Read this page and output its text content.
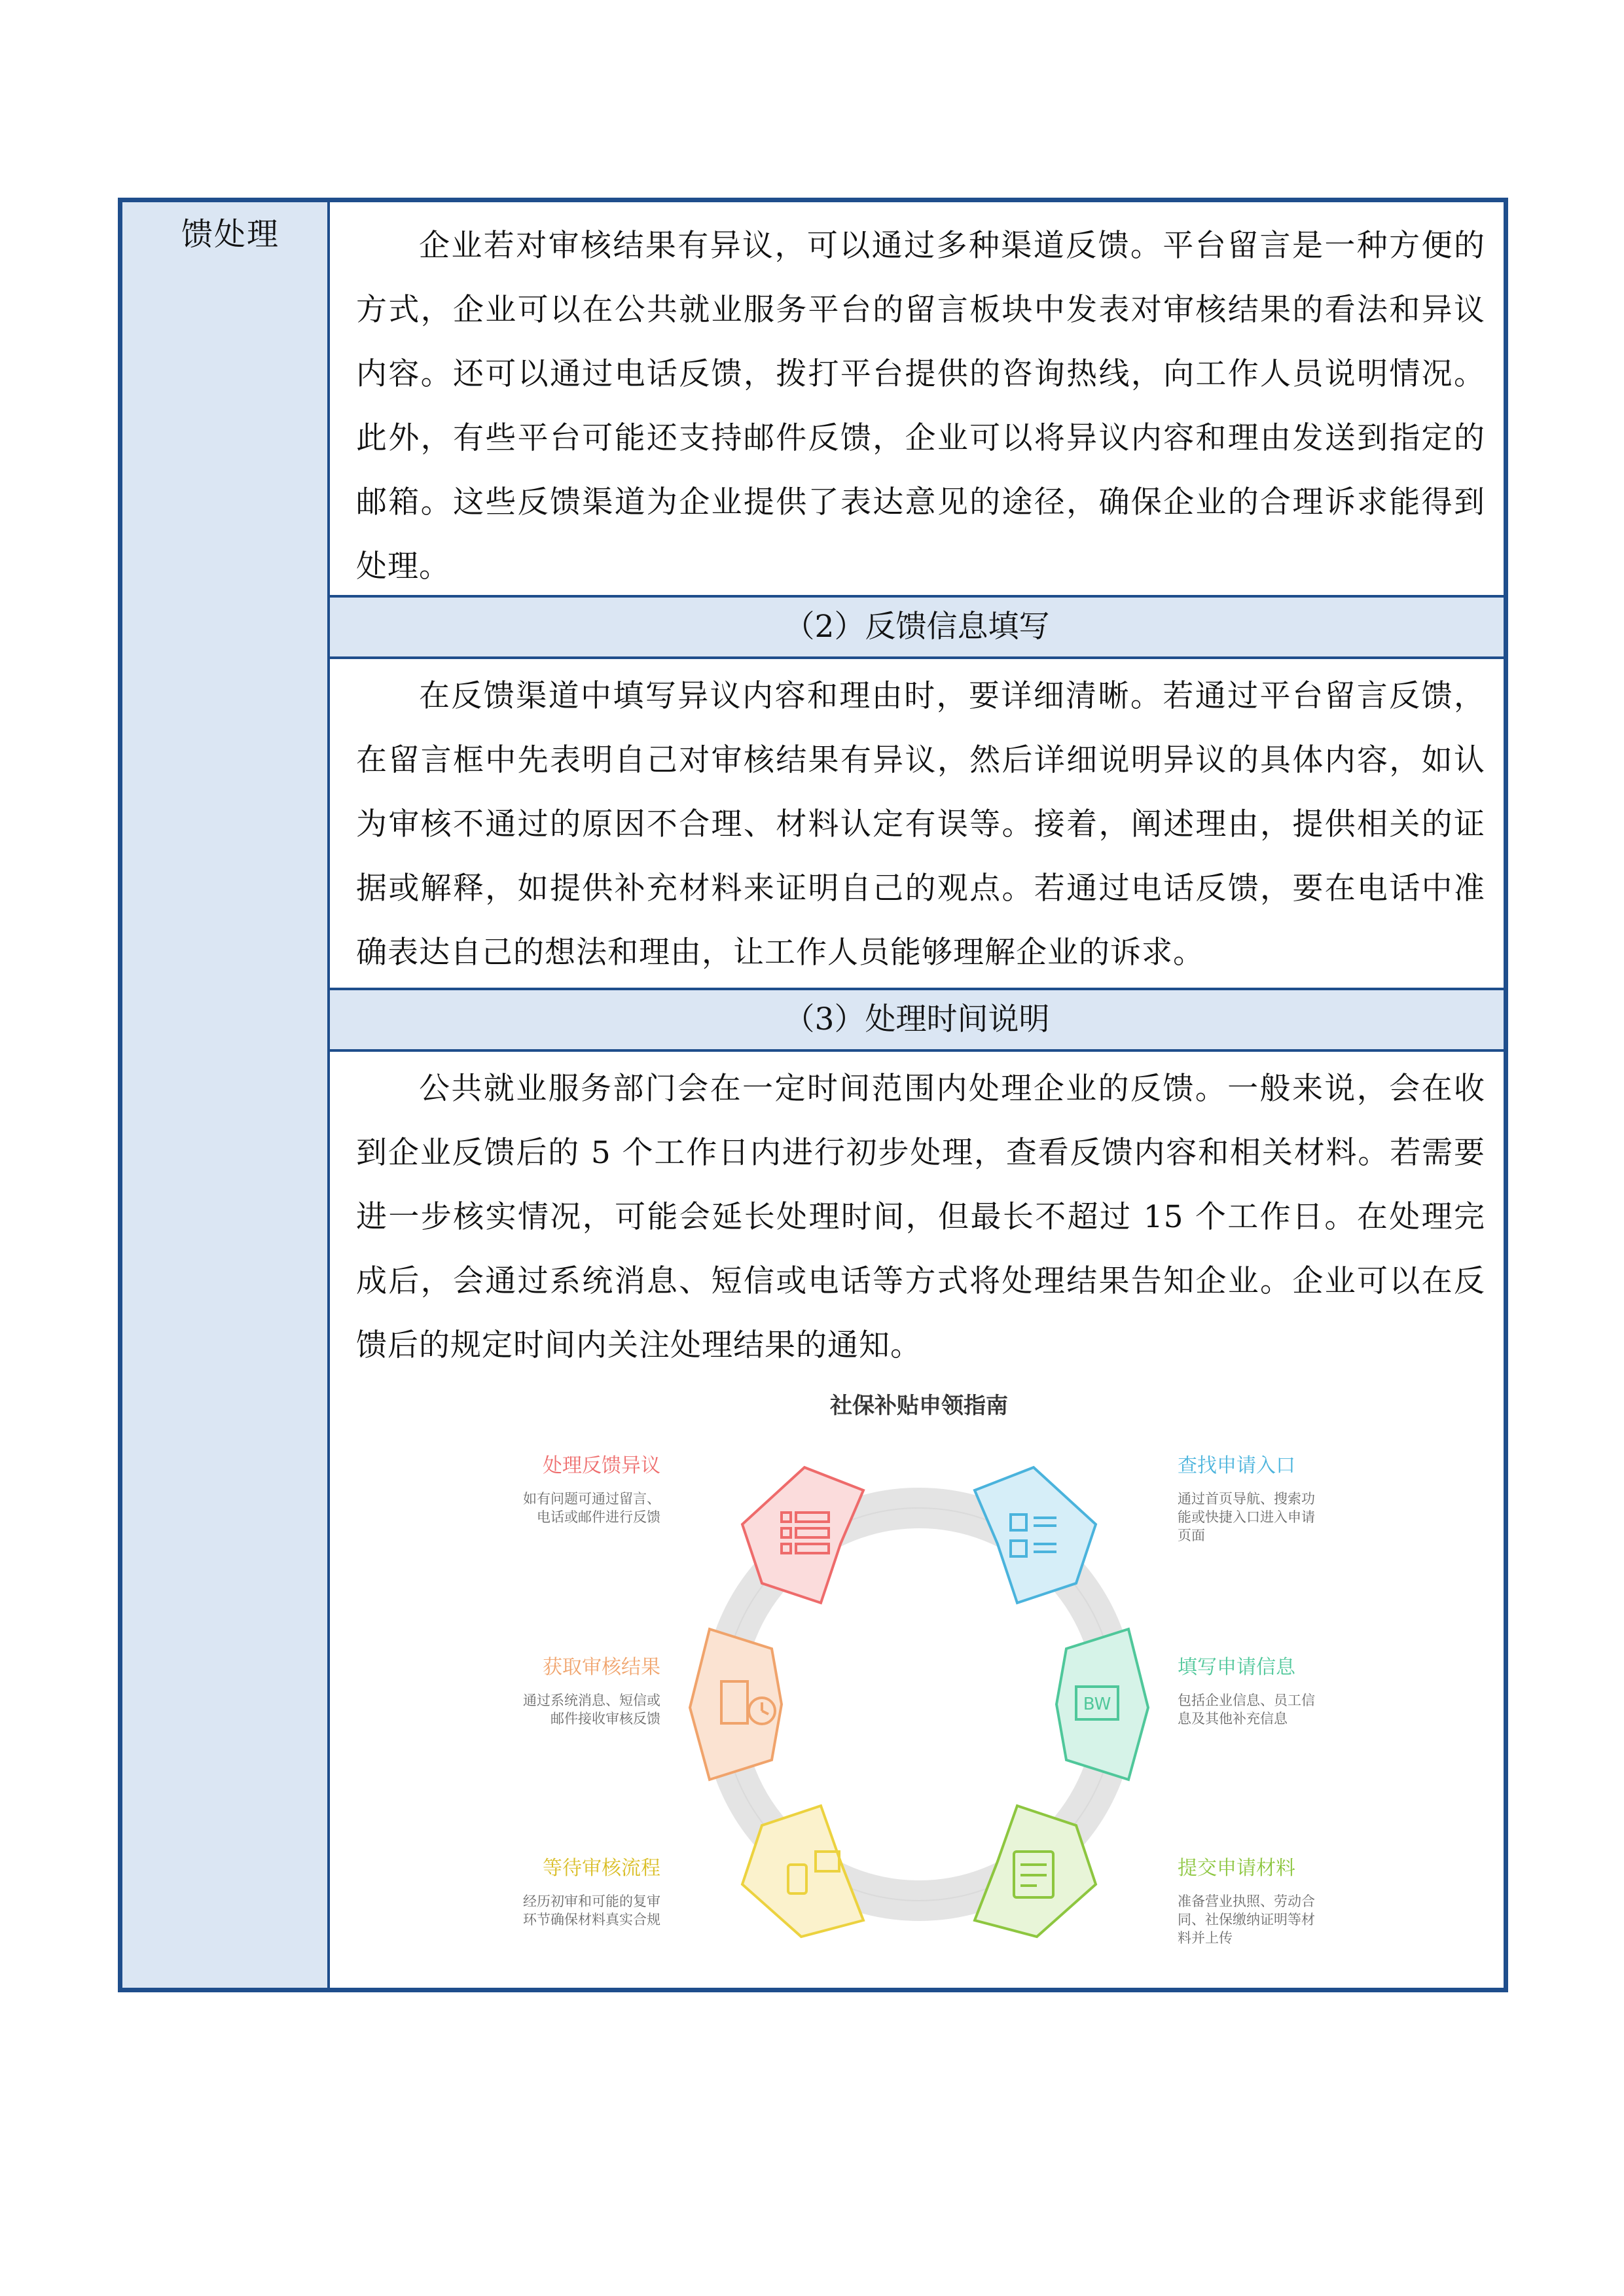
馈处理	企业若对审核结果有异议，可以通过多种渠道反馈。平台留言是一种方便的方式，企业可以在公共就业服务平台的留言板块中发表对审核结果的看法和异议内容。还可以通过电话反馈，拨打平台提供的咨询热线，向工作人员说明情况。此外，有些平台可能还支持邮件反馈，企业可以将异议内容和理由发送到指定的邮箱。这些反馈渠道为企业提供了表达意见的途径，确保企业的合理诉求能得到处理。
（2）反馈信息填写
在反馈渠道中填写异议内容和理由时，要详细清晰。若通过平台留言反馈，在留言框中先表明自己对审核结果有异议，然后详细说明异议的具体内容，如认为审核不通过的原因不合理、材料认定有误等。接着，阐述理由，提供相关的证据或解释，如提供补充材料来证明自己的观点。若通过电话反馈，要在电话中准确表达自己的想法和理由，让工作人员能够理解企业的诉求。
（3）处理时间说明
公共就业服务部门会在一定时间范围内处理企业的反馈。一般来说，会在收到企业反馈后的 5 个工作日内进行初步处理，查看反馈内容和相关材料。若需要进一步核实情况，可能会延长处理时间，但最长不超过 15 个工作日。在处理完成后，会通过系统消息、短信或电话等方式将处理结果告知企业。企业可以在反馈后的规定时间内关注处理结果的通知。
社保补贴申领指南
BW
查找申请入口
通过首页导航、搜索功
能或快捷入口进入申请
页面
填写申请信息
包括企业信息、员工信
息及其他补充信息
提交申请材料
准备营业执照、劳动合
同、社保缴纳证明等材
料并上传
处理反馈异议
如有问题可通过留言、
电话或邮件进行反馈
获取审核结果
通过系统消息、短信或
邮件接收审核反馈
等待审核流程
经历初审和可能的复审
环节确保材料真实合规
